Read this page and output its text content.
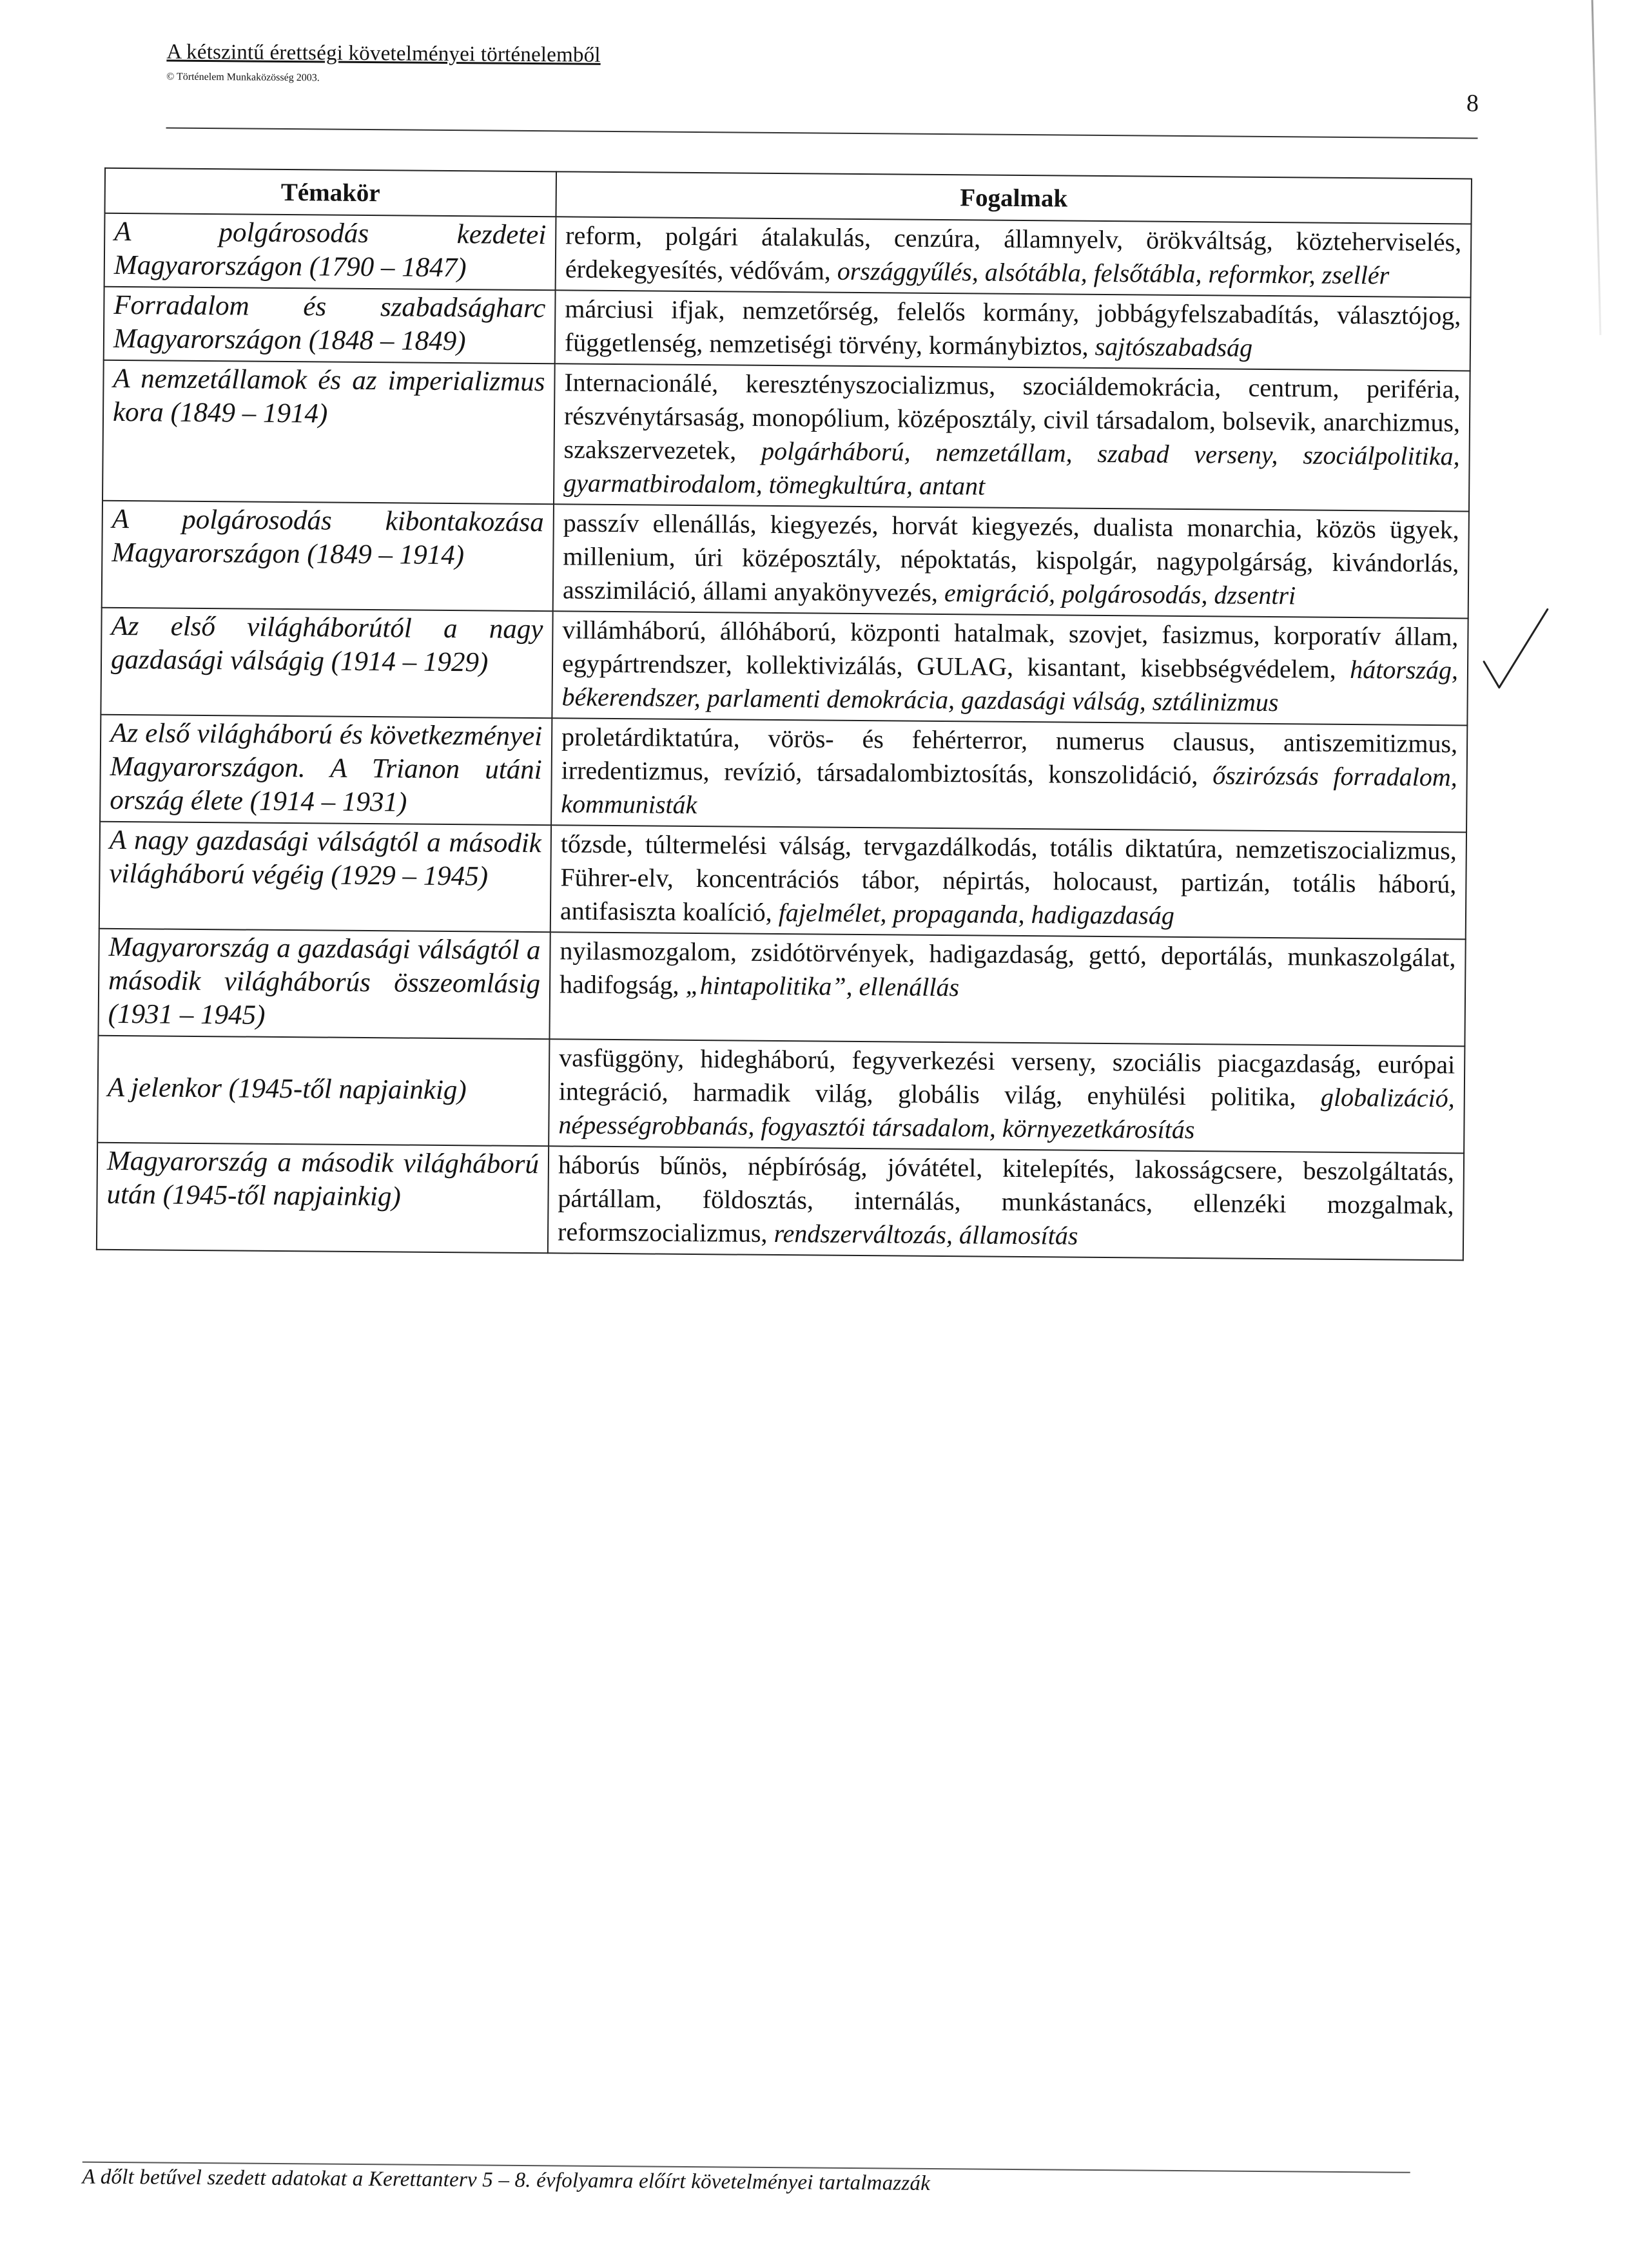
A kétszintű érettségi követelményei történelemből
© Történelem Munkaközösség 2003.
8
Témakör	Fogalmak
A polgárosodás kezdetei Magyarországon (1790 – 1847)	reform, polgári átalakulás, cenzúra, államnyelv, örökváltság, közteherviselés, érdekegyesítés, védővám, országgyűlés, alsótábla, felsőtábla, reformkor, zsellér
Forradalom és szabadságharc Magyarországon (1848 – 1849)	márciusi ifjak, nemzetőrség, felelős kormány, jobbágyfelszabadítás, választójog, függetlenség, nemzetiségi törvény, kormánybiztos, sajtószabadság
A nemzetállamok és az imperializmus kora (1849 – 1914)	Internacionálé, keresztényszocializmus, szociáldemokrácia, centrum, periféria, részvénytársaság, monopólium, középosztály, civil társadalom, bolsevik, anarchizmus, szakszervezetek, polgárháború, nemzetállam, szabad verseny, szociálpolitika, gyarmatbirodalom, tömegkultúra, antant
A polgárosodás kibontakozása Magyarországon (1849 – 1914)	passzív ellenállás, kiegyezés, horvát kiegyezés, dualista monarchia, közös ügyek, millenium, úri középosztály, népoktatás, kispolgár, nagypolgárság, kivándorlás, asszimiláció, állami anyakönyvezés, emigráció, polgárosodás, dzsentri
Az első világháborútól a nagy gazdasági válságig (1914 – 1929)	villámháború, állóháború, központi hatalmak, szovjet, fasizmus, korporatív állam, egypártrendszer, kollektivizálás, GULAG, kisantant, kisebbségvédelem, hátország, békerendszer, parlamenti demokrácia, gazdasági válság, sztálinizmus
Az első világháború és következményei Magyarországon. A Trianon utáni ország élete (1914 – 1931)	proletárdiktatúra, vörös- és fehérterror, numerus clausus, antiszemitizmus, irredentizmus, revízió, társadalombiztosítás, konszolidáció, őszirózsás forradalom, kommunisták
A nagy gazdasági válságtól a második világháború végéig (1929 – 1945)	tőzsde, túltermelési válság, tervgazdálkodás, totális diktatúra, nemzetiszocializmus, Führer-elv, koncentrációs tábor, népirtás, holocaust, partizán, totális háború, antifasiszta koalíció, fajelmélet, propaganda, hadigazdaság
Magyarország a gazdasági válságtól a második világháborús összeomlásig (1931 – 1945)	nyilasmozgalom, zsidótörvények, hadigazdaság, gettó, deportálás, munkaszolgálat, hadifogság, „hintapolitika”, ellenállás
A jelenkor (1945-től napjainkig)	vasfüggöny, hidegháború, fegyverkezési verseny, szociális piacgazdaság, európai integráció, harmadik világ, globális világ, enyhülési politika, globalizáció, népességrobbanás, fogyasztói társadalom, környezetkárosítás
Magyarország a második világháború után (1945-től napjainkig)	háborús bűnös, népbíróság, jóvátétel, kitelepítés, lakosságcsere, beszolgáltatás, pártállam, földosztás, internálás, munkástanács, ellenzéki mozgalmak, reformszocializmus, rendszerváltozás, államosítás
A dőlt betűvel szedett adatokat a Kerettanterv 5 – 8. évfolyamra előírt követelményei tartalmazzák
